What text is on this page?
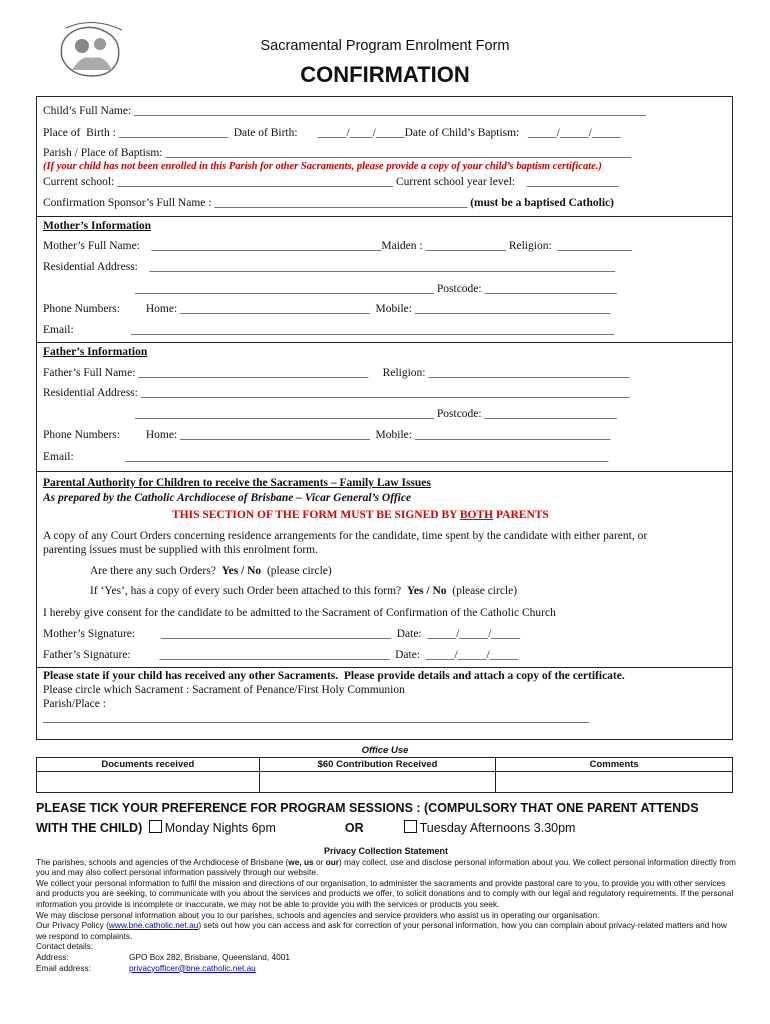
Sacramental Program Enrolment Form
CONFIRMATION
Child’s Full Name: _________________________________________________________________________________________
Place of  Birth : ___________________  Date of Birth:       _____/____/_____Date of Child’s Baptism:   _____/_____/_____
Parish / Place of Baptism: _________________________________________________________________________________
(If your child has not been enrolled in this Parish for other Sacraments, please provide a copy of your child’s baptism certificate.)
Current school: ________________________________________________ Current school year level:    ________________
Confirmation Sponsor’s Full Name : ____________________________________________ (must be a baptised Catholic)
Mother’s Information
Mother’s Full Name:    ________________________________________Maiden : ______________ Religion:  _____________
Residential Address:    _________________________________________________________________________________
____________________________________________________ Postcode: _______________________
Phone Numbers:         Home: _________________________________  Mobile: __________________________________
Email:                    ____________________________________________________________________________________
Father’s Information
Father’s Full Name: ________________________________________     Religion: ___________________________________
Residential Address: _____________________________________________________________________________________
____________________________________________________ Postcode: _______________________
Phone Numbers:         Home: _________________________________  Mobile: __________________________________
Email:                  ____________________________________________________________________________________
Parental Authority for Children to receive the Sacraments – Family Law Issues
As prepared by the Catholic Archdiocese of Brisbane – Vicar General’s Office
THIS SECTION OF THE FORM MUST BE SIGNED BY BOTH PARENTS
A copy of any Court Orders concerning residence arrangements for the candidate, time spent by the candidate with either parent, or
parenting issues must be supplied with this enrolment form.
Are there any such Orders?  Yes / No  (please circle)
If ‘Yes’, has a copy of every such Order been attached to this form?  Yes / No  (please circle)
I hereby give consent for the candidate to be admitted to the Sacrament of Confirmation of the Catholic Church
Mother’s Signature:         ________________________________________  Date:  _____/_____/_____
Father’s Signature:          ________________________________________  Date:  _____/_____/_____
Please state if your child has received any other Sacraments.  Please provide details and attach a copy of the certificate.
Please circle which Sacrament : Sacrament of Penance/First Holy Communion
Parish/Place :
_______________________________________________________________________________________________
Office Use
Documents received	$60 Contribution Received	Comments

PLEASE TICK YOUR PREFERENCE FOR PROGRAM SESSIONS : (COMPULSORY THAT ONE PARENT ATTENDS
WITH THE CHILD) Monday Nights 6pm	OR	Tuesday Afternoons 3.30pm
Privacy Collection Statement
The parishes, schools and agencies of the Archdiocese of Brisbane (we, us or our) may collect, use and disclose personal information about you. We collect personal information directly from you and may also collect personal information passively through our website.
We collect your personal information to fulfil the mission and directions of our organisation, to administer the sacraments and provide pastoral care to you, to provide you with other services and products you are seeking, to communicate with you about the services and products we offer, to solicit donations and to comply with our legal and regulatory requirements. If the personal information you provide is incomplete or inaccurate, we may not be able to provide you with the services or products you seek.
We may disclose personal information about you to our parishes, schools and agencies and service providers who assist us in operating our organisation.
Our Privacy Policy (www.bne.catholic.net.au) sets out how you can access and ask for correction of your personal information, how you can complain about privacy-related matters and how we respond to complaints.
Contact details:
Address:	GPO Box 282, Brisbane, Queensland, 4001
Email address:	privacyofficer@bne.catholic.net.au
